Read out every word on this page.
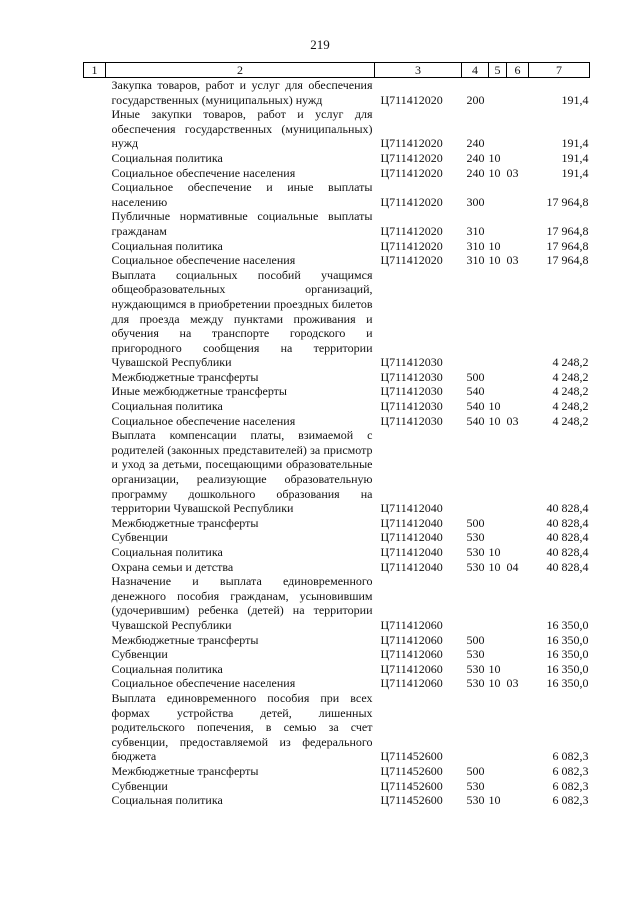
219
1	2	3	4	5	6	7
	Закупка товаров, работ и услуг для обеспечения государственных (муниципальных) нужд	Ц711412020	200			191,4
	Иные закупки товаров, работ и услуг для обеспечения государственных (муниципальных) нужд	Ц711412020	240			191,4
	Социальная политика	Ц711412020	240	10		191,4
	Социальное обеспечение населения	Ц711412020	240	10	03	191,4
	Социальное обеспечение и иные выплаты населению	Ц711412020	300			17 964,8
	Публичные нормативные социальные выплаты гражданам	Ц711412020	310			17 964,8
	Социальная политика	Ц711412020	310	10		17 964,8
	Социальное обеспечение населения	Ц711412020	310	10	03	17 964,8
	Выплата социальных пособий учащимся общеобразовательных организаций, нуждающимся в приобретении проездных билетов для проезда между пунктами проживания и обучения на транспорте городского и пригородного сообщения на территории Чувашской Республики	Ц711412030				4 248,2
	Межбюджетные трансферты	Ц711412030	500			4 248,2
	Иные межбюджетные трансферты	Ц711412030	540			4 248,2
	Социальная политика	Ц711412030	540	10		4 248,2
	Социальное обеспечение населения	Ц711412030	540	10	03	4 248,2
	Выплата компенсации платы, взимаемой с родителей (законных представителей) за присмотр и уход за детьми, посещающими образовательные организации, реализующие образовательную программу дошкольного образования на территории Чувашской Республики	Ц711412040				40 828,4
	Межбюджетные трансферты	Ц711412040	500			40 828,4
	Субвенции	Ц711412040	530			40 828,4
	Социальная политика	Ц711412040	530	10		40 828,4
	Охрана семьи и детства	Ц711412040	530	10	04	40 828,4
	Назначение и выплата единовременного денежного пособия гражданам, усыновившим (удочерившим) ребенка (детей) на территории Чувашской Республики	Ц711412060				16 350,0
	Межбюджетные трансферты	Ц711412060	500			16 350,0
	Субвенции	Ц711412060	530			16 350,0
	Социальная политика	Ц711412060	530	10		16 350,0
	Социальное обеспечение населения	Ц711412060	530	10	03	16 350,0
	Выплата единовременного пособия при всех формах устройства детей, лишенных родительского попечения, в семью за счет субвенции, предоставляемой из федерального бюджета	Ц711452600				6 082,3
	Межбюджетные трансферты	Ц711452600	500			6 082,3
	Субвенции	Ц711452600	530			6 082,3
	Социальная политика	Ц711452600	530	10		6 082,3
